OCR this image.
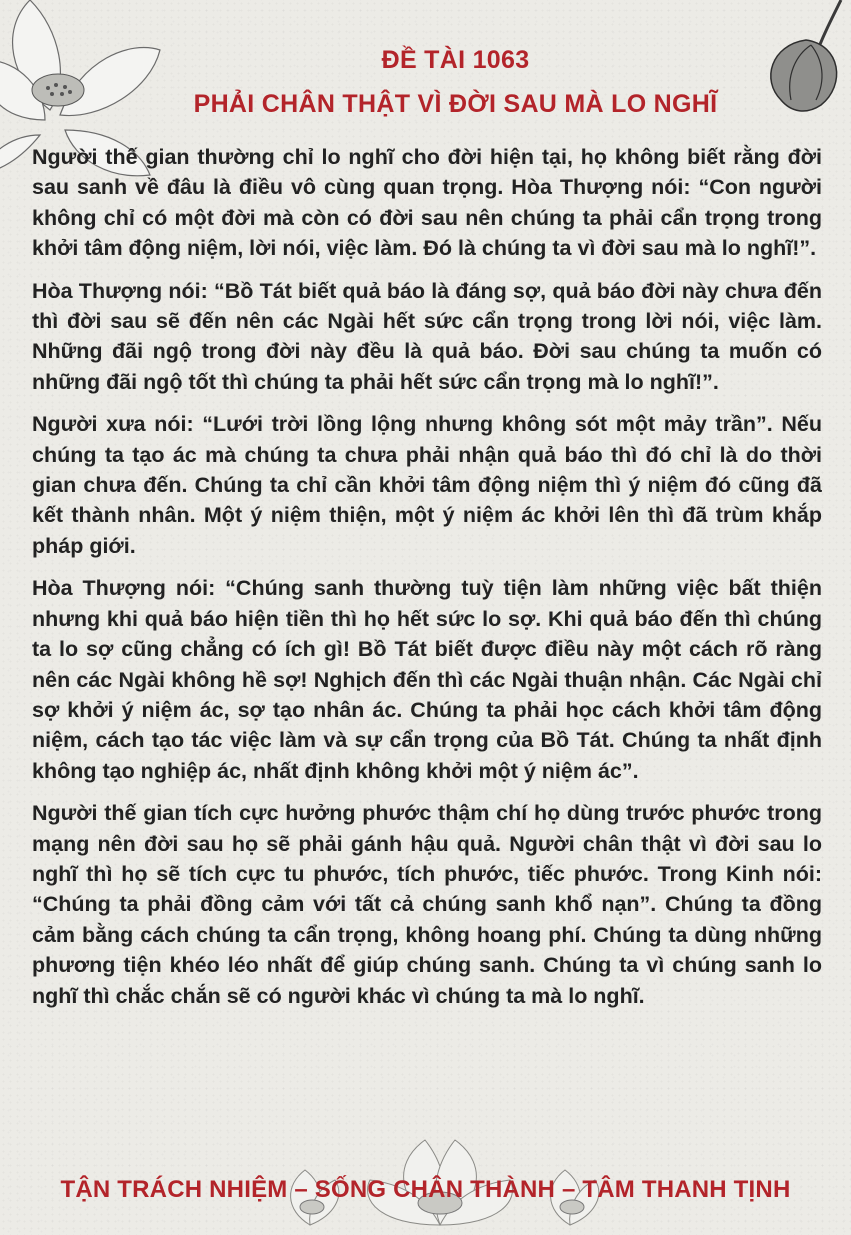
ĐỀ TÀI 1063
PHẢI CHÂN THẬT VÌ ĐỜI SAU MÀ LO NGHĨ

Người thế gian thường chỉ lo nghĩ cho đời hiện tại, họ không biết rằng đời sau sanh về đâu là điều vô cùng quan trọng. Hòa Thượng nói: “Con người không chỉ có một đời mà còn có đời sau nên chúng ta phải cẩn trọng trong khởi tâm động niệm, lời nói, việc làm. Đó là chúng ta vì đời sau mà lo nghĩ!”.

Hòa Thượng nói: “Bồ Tát biết quả báo là đáng sợ, quả báo đời này chưa đến thì đời sau sẽ đến nên các Ngài hết sức cẩn trọng trong lời nói, việc làm. Những đãi ngộ trong đời này đều là quả báo. Đời sau chúng ta muốn có những đãi ngộ tốt thì chúng ta phải hết sức cẩn trọng mà lo nghĩ!”.

Người xưa nói: “Lưới trời lồng lộng nhưng không sót một mảy trần”. Nếu chúng ta tạo ác mà chúng ta chưa phải nhận quả báo thì đó chỉ là do thời gian chưa đến. Chúng ta chỉ cần khởi tâm động niệm thì ý niệm đó cũng đã kết thành nhân. Một ý niệm thiện, một ý niệm ác khởi lên thì đã trùm khắp pháp giới.

Hòa Thượng nói: “Chúng sanh thường tuỳ tiện làm những việc bất thiện nhưng khi quả báo hiện tiền thì họ hết sức lo sợ. Khi quả báo đến thì chúng ta lo sợ cũng chẳng có ích gì! Bồ Tát biết được điều này một cách rõ ràng nên các Ngài không hề sợ! Nghịch đến thì các Ngài thuận nhận. Các Ngài chỉ sợ khởi ý niệm ác, sợ tạo nhân ác. Chúng ta phải học cách khởi tâm động niệm, cách tạo tác việc làm và sự cẩn trọng của Bồ Tát. Chúng ta nhất định không tạo nghiệp ác, nhất định không khởi một ý niệm ác”.

Người thế gian tích cực hưởng phước thậm chí họ dùng trước phước trong mạng nên đời sau họ sẽ phải gánh hậu quả. Người chân thật vì đời sau lo nghĩ thì họ sẽ tích cực tu phước, tích phước, tiếc phước. Trong Kinh nói: “Chúng ta phải đồng cảm với tất cả chúng sanh khổ nạn”. Chúng ta đồng cảm bằng cách chúng ta cẩn trọng, không hoang phí. Chúng ta dùng những phương tiện khéo léo nhất để giúp chúng sanh. Chúng ta vì chúng sanh lo nghĩ thì chắc chắn sẽ có người khác vì chúng ta mà lo nghĩ.

TẬN TRÁCH NHIỆM – SỐNG CHÂN THÀNH – TÂM THANH TỊNH
